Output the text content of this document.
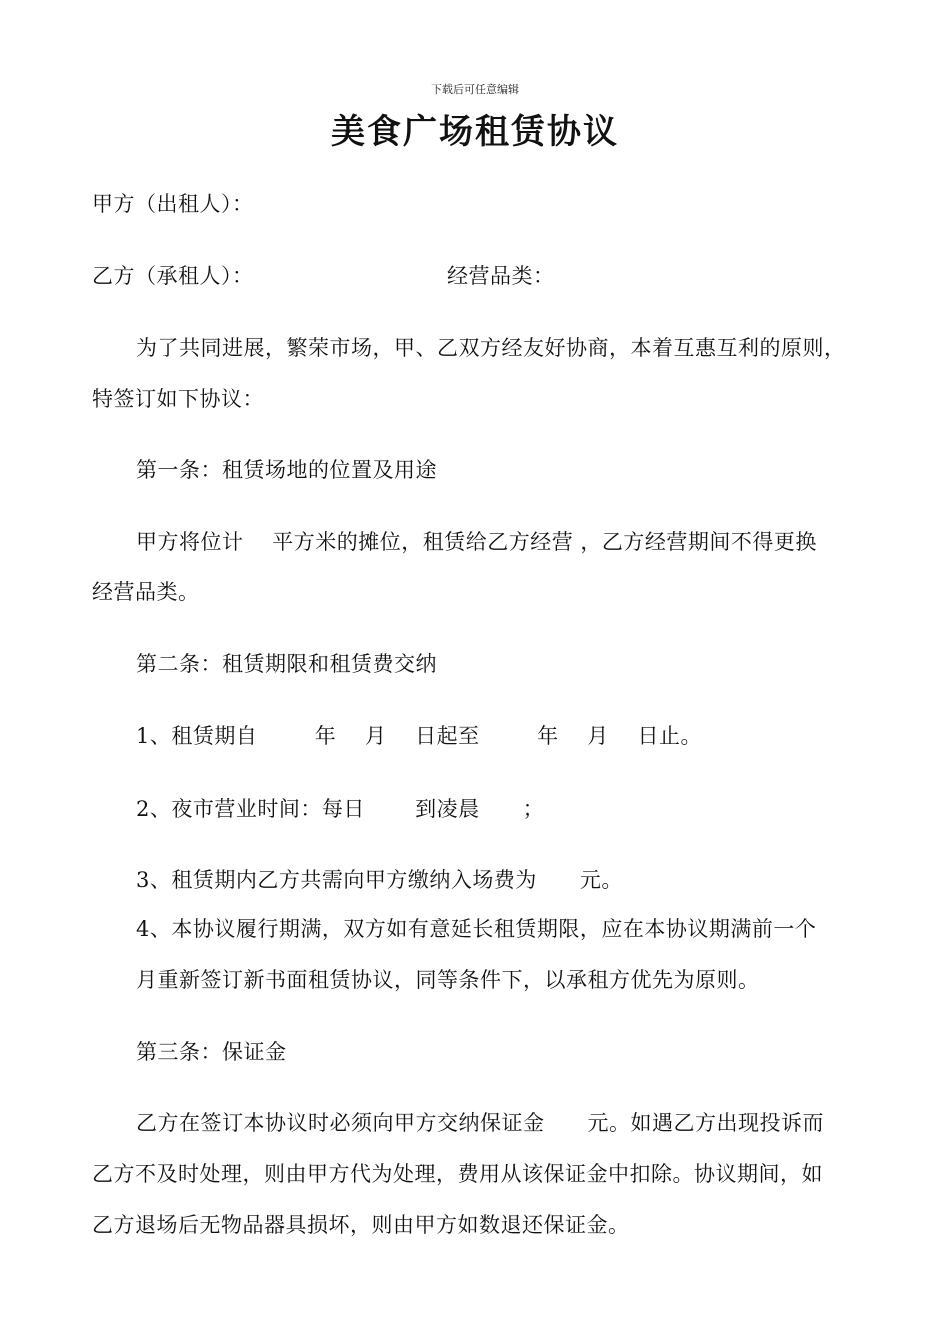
下载后可任意编辑
美食广场租赁协议
甲方（出租人）：
乙方（承租人）：	经营品类：
为了共同进展，繁荣市场，甲、乙双方经友好协商，本着互惠互利的原则，
特签订如下协议：
第一条：租赁场地的位置及用途
甲方将位计    平方米的摊位，租赁给乙方经营 ，乙方经营期间不得更换
经营品类。
第二条：租赁期限和租赁费交纳
1、租赁期自        年    月    日起至        年    月    日止。
2、夜市营业时间：每日       到凌晨      ；
3、租赁期内乙方共需向甲方缴纳入场费为      元。
4、本协议履行期满，双方如有意延长租赁期限，应在本协议期满前一个
月重新签订新书面租赁协议，同等条件下，以承租方优先为原则。
第三条：保证金
乙方在签订本协议时必须向甲方交纳保证金      元。如遇乙方出现投诉而
乙方不及时处理，则由甲方代为处理，费用从该保证金中扣除。协议期间，如
乙方退场后无物品器具损坏，则由甲方如数退还保证金。
